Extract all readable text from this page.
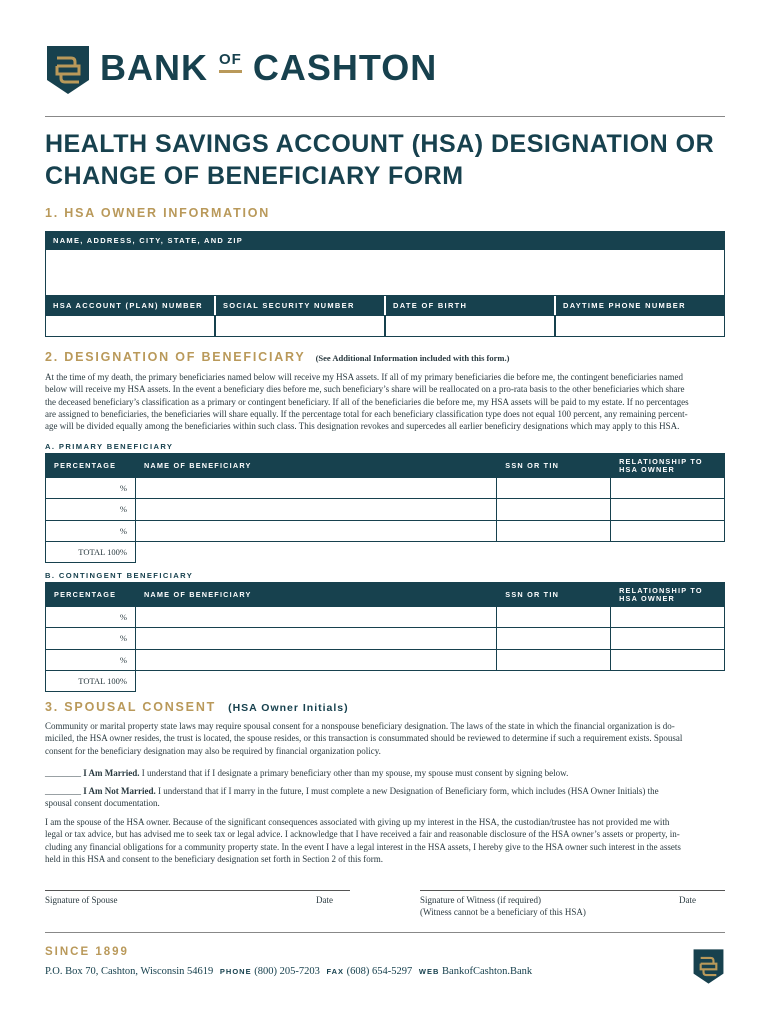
BANK OF CASHTON
HEALTH SAVINGS ACCOUNT (HSA) DESIGNATION OR
CHANGE OF BENEFICIARY FORM
1. HSA OWNER INFORMATION
NAME, ADDRESS, CITY, STATE, AND ZIP
HSA ACCOUNT (PLAN) NUMBER	SOCIAL SECURITY NUMBER	DATE OF BIRTH	DAYTIME PHONE NUMBER
2. DESIGNATION OF BENEFICIARY (See Additional Information included with this form.)
At the time of my death, the primary beneficiaries named below will receive my HSA assets. If all of my primary beneficiaries die before me, the contingent beneficiaries named
below will receive my HSA assets. In the event a beneficiary dies before me, such beneficiary’s share will be reallocated on a pro-rata basis to the other beneficiaries which share
the deceased beneficiary’s classification as a primary or contingent beneficiary. If all of the beneficiaries die before me, my HSA assets will be paid to my estate. If no percentages
are assigned to beneficiaries, the beneficiaries will share equally. If the percentage total for each beneficiary classification type does not equal 100 percent, any remaining percent-
age will be divided equally among the beneficiaries within such class. This designation revokes and supercedes all earlier beneficiry designations which may apply to this HSA.
A. PRIMARY BENEFICIARY
PERCENTAGE	NAME OF BENEFICIARY	SSN OR TIN	RELATIONSHIP TO
HSA OWNER
%			
%			
%			
TOTAL 100%			
B. CONTINGENT BENEFICIARY
PERCENTAGE	NAME OF BENEFICIARY	SSN OR TIN	RELATIONSHIP TO
HSA OWNER
%			
%			
%			
TOTAL 100%			
3. SPOUSAL CONSENT (HSA Owner Initials)
Community or marital property state laws may require spousal consent for a nonspouse beneficiary designation. The laws of the state in which the financial organization is do-
miciled, the HSA owner resides, the trust is located, the spouse resides, or this transaction is consummated should be reviewed to determine if such a requirement exists. Spousal
consent for the beneficiary designation may also be required by financial organization policy.
________ I Am Married. I understand that if I designate a primary beneficiary other than my spouse, my spouse must consent by signing below.
________ I Am Not Married. I understand that if I marry in the future, I must complete a new Designation of Beneficiary form, which includes (HSA Owner Initials) the
spousal consent documentation.
I am the spouse of the HSA owner. Because of the significant consequences associated with giving up my interest in the HSA, the custodian/trustee has not provided me with
legal or tax advice, but has advised me to seek tax or legal advice. I acknowledge that I have received a fair and reasonable disclosure of the HSA owner’s assets or property, in-
cluding any financial obligations for a community property state. In the event I have a legal interest in the HSA assets, I hereby give to the HSA owner such interest in the assets
held in this HSA and consent to the beneficiary designation set forth in Section 2 of this form.
Signature of Spouse	Date	Signature of Witness (if required)
(Witness cannot be a beneficiary of this HSA)
Date
SINCE 1899
P.O. Box 70, Cashton, Wisconsin 54619 PHONE (800) 205-7203 FAX (608) 654-5297 WEB BankofCashton.Bank
